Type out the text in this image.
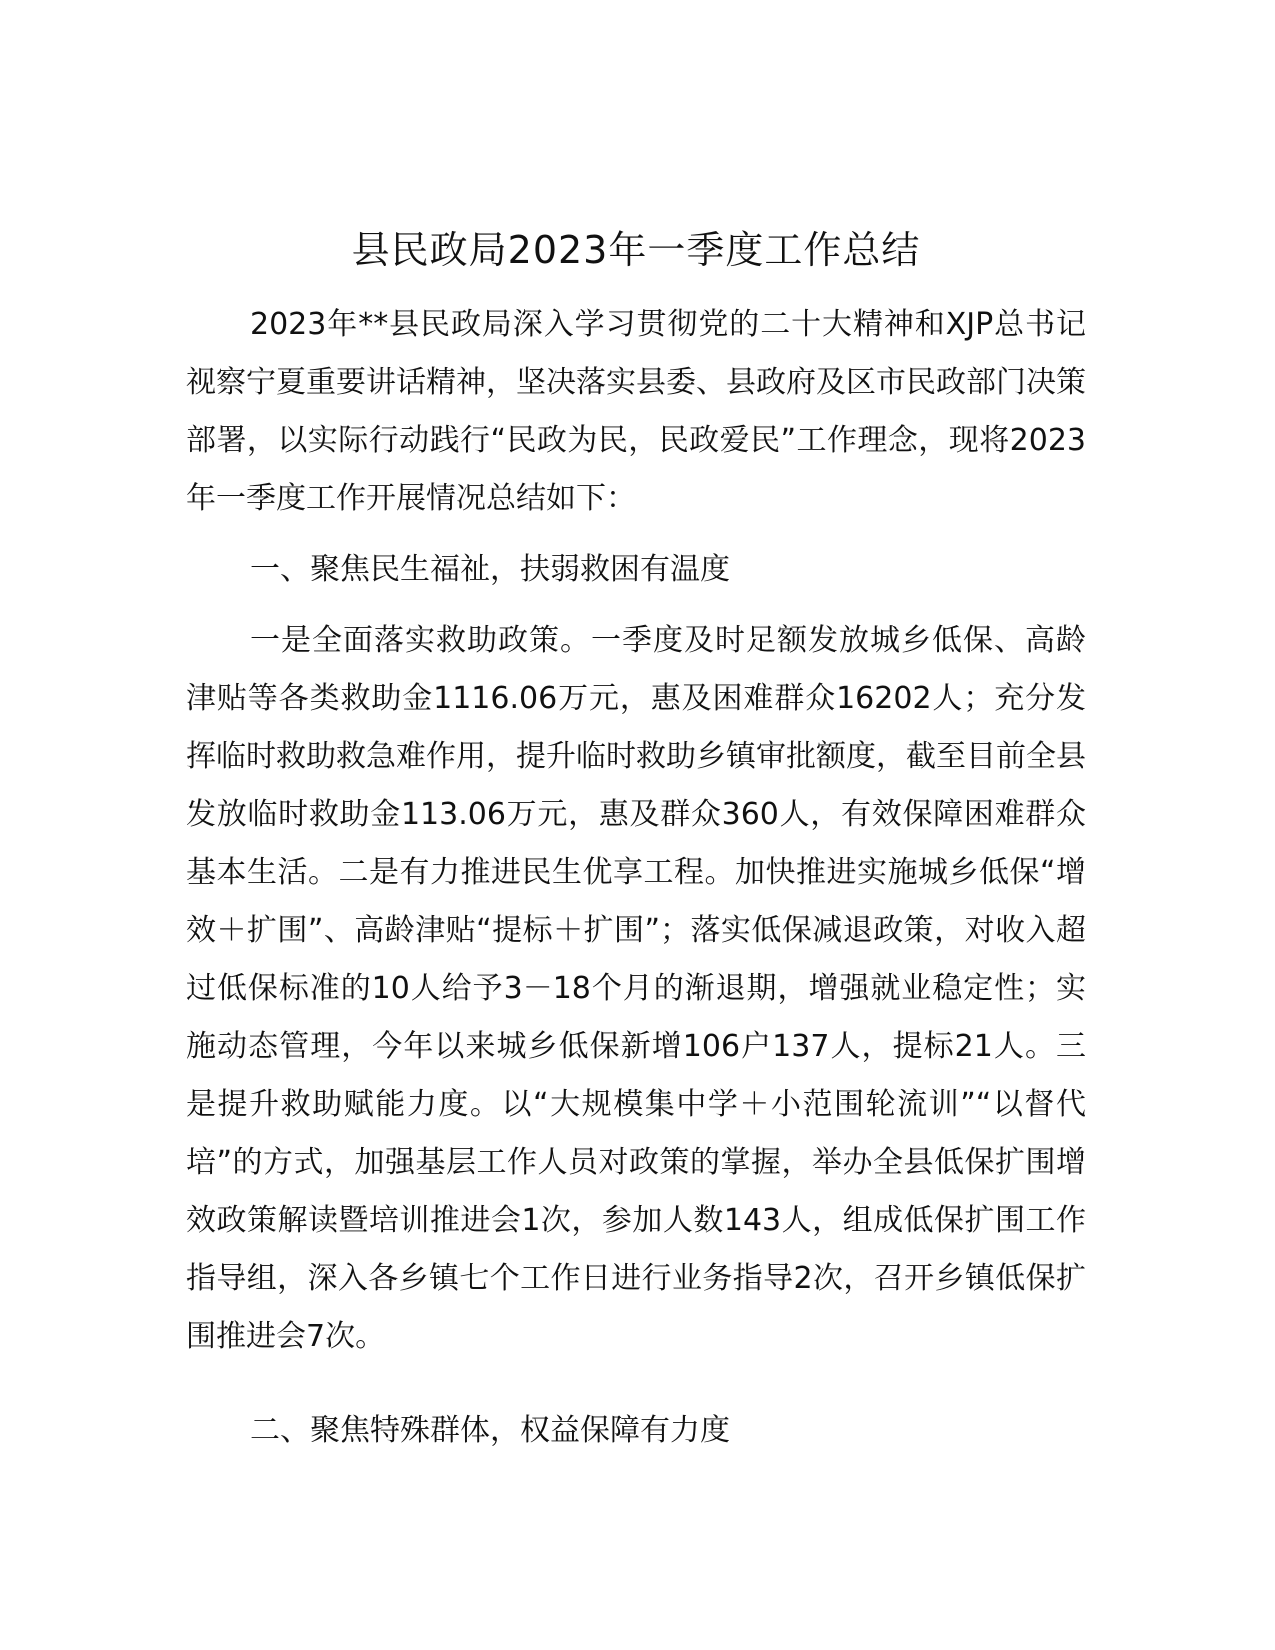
县民政局2023年一季度工作总结

2023年**县民政局深入学习贯彻党的二十大精神和XJP总书记视察宁夏重要讲话精神，坚决落实县委、县政府及区市民政部门决策部署，以实际行动践行“民政为民，民政爱民”工作理念，现将2023年一季度工作开展情况总结如下：

一、聚焦民生福祉，扶弱救困有温度

一是全面落实救助政策。一季度及时足额发放城乡低保、高龄津贴等各类救助金1116.06万元，惠及困难群众16202人；充分发挥临时救助救急难作用，提升临时救助乡镇审批额度，截至目前全县发放临时救助金113.06万元，惠及群众360人，有效保障困难群众基本生活。二是有力推进民生优享工程。加快推进实施城乡低保“增效＋扩围”、高龄津贴“提标＋扩围”；落实低保减退政策，对收入超过低保标准的10人给予3－18个月的渐退期，增强就业稳定性；实施动态管理，今年以来城乡低保新增106户137人，提标21人。三是提升救助赋能力度。以“大规模集中学＋小范围轮流训”“以督代培”的方式，加强基层工作人员对政策的掌握，举办全县低保扩围增效政策解读暨培训推进会1次，参加人数143人，组成低保扩围工作指导组，深入各乡镇七个工作日进行业务指导2次，召开乡镇低保扩围推进会7次。

二、聚焦特殊群体，权益保障有力度
